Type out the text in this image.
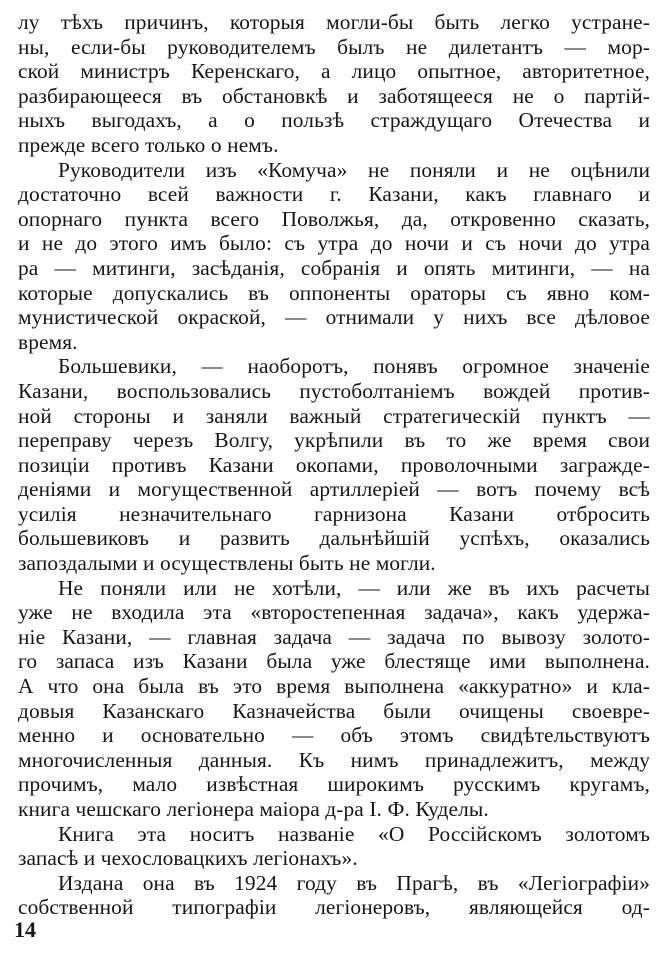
лу тѣхъ причинъ, которыя могли-бы быть легко устране-
ны, если-бы руководителемъ былъ не дилетантъ — мор-
ской министръ Керенскаго, а лицо опытное, авторитетное,
разбирающееся въ обстановкѣ и заботящееся не о партій-
ныхъ выгодахъ, а о пользѣ страждущаго Отечества и
прежде всего только о немъ.
Руководители изъ «Комуча» не поняли и не оцѣнили
достаточно всей важности г. Казани, какъ главнаго и
опорнаго пункта всего Поволжья, да, откровенно сказать,
и не до этого имъ было: съ утра до ночи и съ ночи до утра
ра — митинги, засѣданія, собранія и опять митинги, — на
которые допускались въ оппоненты ораторы съ явно ком-
мунистической окраской, — отнимали у нихъ все дѣловое
время.
Большевики, — наоборотъ, понявъ огромное значеніе
Казани, воспользовались пустоболтаніемъ вождей против-
ной стороны и заняли важный стратегическій пунктъ —
переправу черезъ Волгу, укрѣпили въ то же время свои
позиціи противъ Казани окопами, проволочными загражде-
деніями и могущественной артиллеріей — вотъ почему всѣ
усилія незначительнаго гарнизона Казани отбросить
большевиковъ и развить дальнѣйшій успѣхъ, оказались
запоздалыми и осуществлены быть не могли.
Не поняли или не хотѣли, — или же въ ихъ расчеты
уже не входила эта «второстепенная задача», какъ удержа-
ніе Казани, — главная задача — задача по вывозу золото-
го запаса изъ Казани была уже блестяще ими выполнена.
А что она была въ это время выполнена «аккуратно» и кла-
довыя Казанскаго Казначейства были очищены своевре-
менно и основательно — объ этомъ свидѣтельствуютъ
многочисленныя данныя. Къ нимъ принадлежитъ, между
прочимъ, мало извѣстная широкимъ русскимъ кругамъ,
книга чешскаго легіонера маіора д-ра І. Ф. Куделы.
Книга эта носитъ названіе «О Россійскомъ золотомъ
запасѣ и чехословацкихъ легіонахъ».
Издана она въ 1924 году въ Прагѣ, въ «Легіографіи»
собственной типографіи легіонеровъ, являющейся од-
14
